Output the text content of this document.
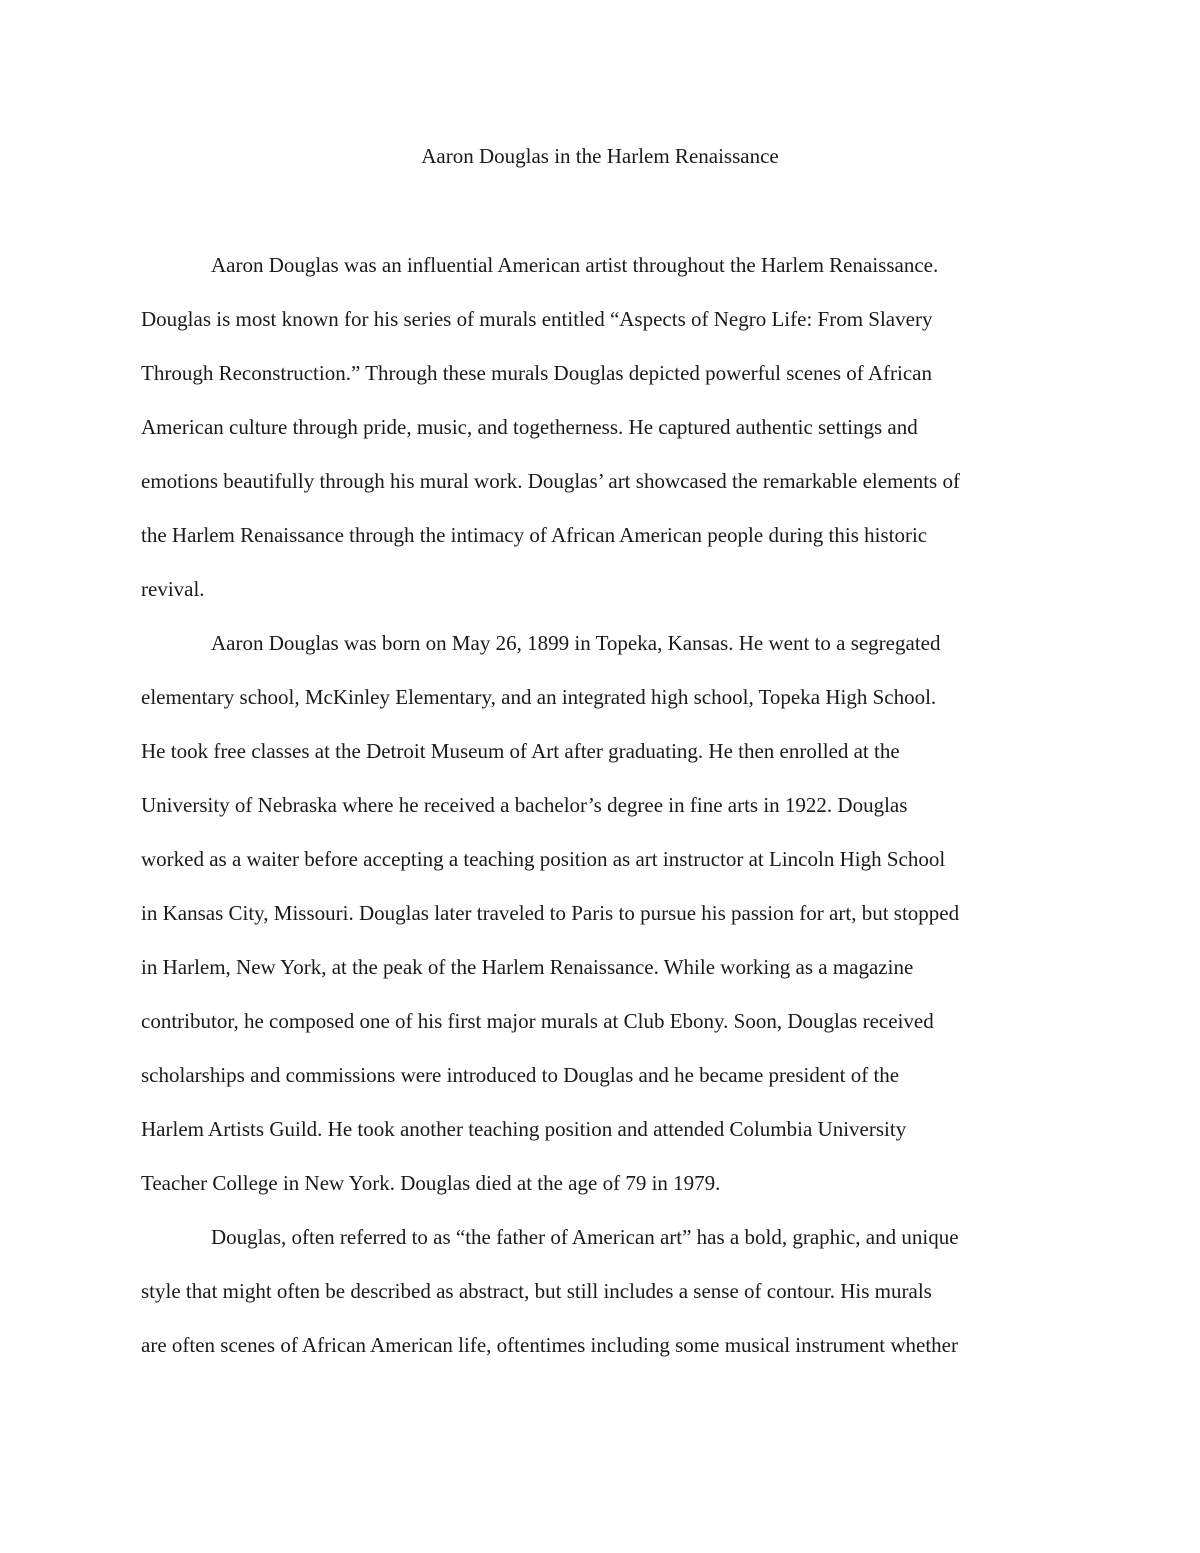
Aaron Douglas in the Harlem Renaissance
Aaron Douglas was an influential American artist throughout the Harlem Renaissance.
Douglas is most known for his series of murals entitled “Aspects of Negro Life: From Slavery
Through Reconstruction.” Through these murals Douglas depicted powerful scenes of African
American culture through pride, music, and togetherness. He captured authentic settings and
emotions beautifully through his mural work. Douglas’ art showcased the remarkable elements of
the Harlem Renaissance through the intimacy of African American people during this historic
revival.
Aaron Douglas was born on May 26, 1899 in Topeka, Kansas. He went to a segregated
elementary school, McKinley Elementary, and an integrated high school, Topeka High School.
He took free classes at the Detroit Museum of Art after graduating. He then enrolled at the
University of Nebraska where he received a bachelor’s degree in fine arts in 1922. Douglas
worked as a waiter before accepting a teaching position as art instructor at Lincoln High School
in Kansas City, Missouri. Douglas later traveled to Paris to pursue his passion for art, but stopped
in Harlem, New York, at the peak of the Harlem Renaissance. While working as a magazine
contributor, he composed one of his first major murals at Club Ebony. Soon, Douglas received
scholarships and commissions were introduced to Douglas and he became president of the
Harlem Artists Guild. He took another teaching position and attended Columbia University
Teacher College in New York. Douglas died at the age of 79 in 1979.
Douglas, often referred to as “the father of American art” has a bold, graphic, and unique
style that might often be described as abstract, but still includes a sense of contour. His murals
are often scenes of African American life, oftentimes including some musical instrument whether
